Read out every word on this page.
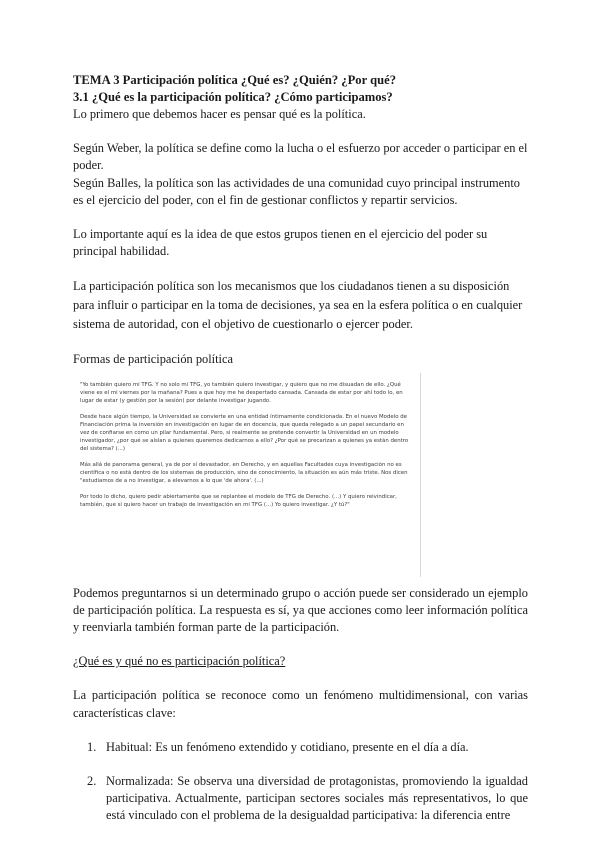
TEMA 3 Participación política ¿Qué es? ¿Quién? ¿Por qué?
3.1 ¿Qué es la participación política? ¿Cómo participamos?

Lo primero que debemos hacer es pensar qué es la política.

Según Weber, la política se define como la lucha o el esfuerzo por acceder o participar en el poder.

Según Balles, la política son las actividades de una comunidad cuyo principal instrumento es el ejercicio del poder, con el fin de gestionar conflictos y repartir servicios.

Lo importante aquí es la idea de que estos grupos tienen en el ejercicio del poder su principal habilidad.

La participación política son los mecanismos que los ciudadanos tienen a su disposición para influir o participar en la toma de decisiones, ya sea en la esfera política o en cualquier sistema de autoridad, con el objetivo de cuestionarlo o ejercer poder.

Formas de participación política

"Yo también quiero mi TFG. Y no solo mi TFG, yo también quiero investigar, y quiero que no me disuadan de ello. ¿Qué viene es el mi viernes por la mañana? Pues a que hoy me he despertado cansada. Cansada de estar por ahí todo lo, en lugar de estar (y gestión por la sesión) por delante investigar jugando.

Desde hace algún tiempo, la Universidad se convierte en una entidad íntimamente condicionada. En el nuevo Modelo de Financiación prima la inversión en investigación en lugar de en docencia, que queda relegado a un papel secundario en vez de confiarse en como un pilar fundamental. Pero, si realmente se pretende convertir la Universidad en un modelo investigador, ¿por qué se aíslan a quienes queremos dedicarnos a ello? ¿Por qué se precarizan a quienes ya están dentro del sistema? (...)

Más allá de panorama general, ya de por sí devastador, en Derecho, y en aquellas Facultades cuya investigación no es científica o no está dentro de los sistemas de producción, sino de conocimiento, la situación es aún más triste. Nos dicen "estudiamos de a no investigar, a elevarnos a lo que 'de ahora'. (...)

Por todo lo dicho, quiero pedir abiertamente que se replantee el modelo de TFG de Derecho. (...) Y quiero reivindicar, también, que sí quiero hacer un trabajo de investigación en mi TFG (...) Yo quiero investigar. ¿Y tú?"

Podemos preguntarnos si un determinado grupo o acción puede ser considerado un ejemplo de participación política. La respuesta es sí, ya que acciones como leer información política y reenviarla también forman parte de la participación.

¿Qué es y qué no es participación política?

La participación política se reconoce como un fenómeno multidimensional, con varias características clave:

1. Habitual: Es un fenómeno extendido y cotidiano, presente en el día a día.
2. Normalizada: Se observa una diversidad de protagonistas, promoviendo la igualdad participativa. Actualmente, participan sectores sociales más representativos, lo que está vinculado con el problema de la desigualdad participativa: la diferencia entre
